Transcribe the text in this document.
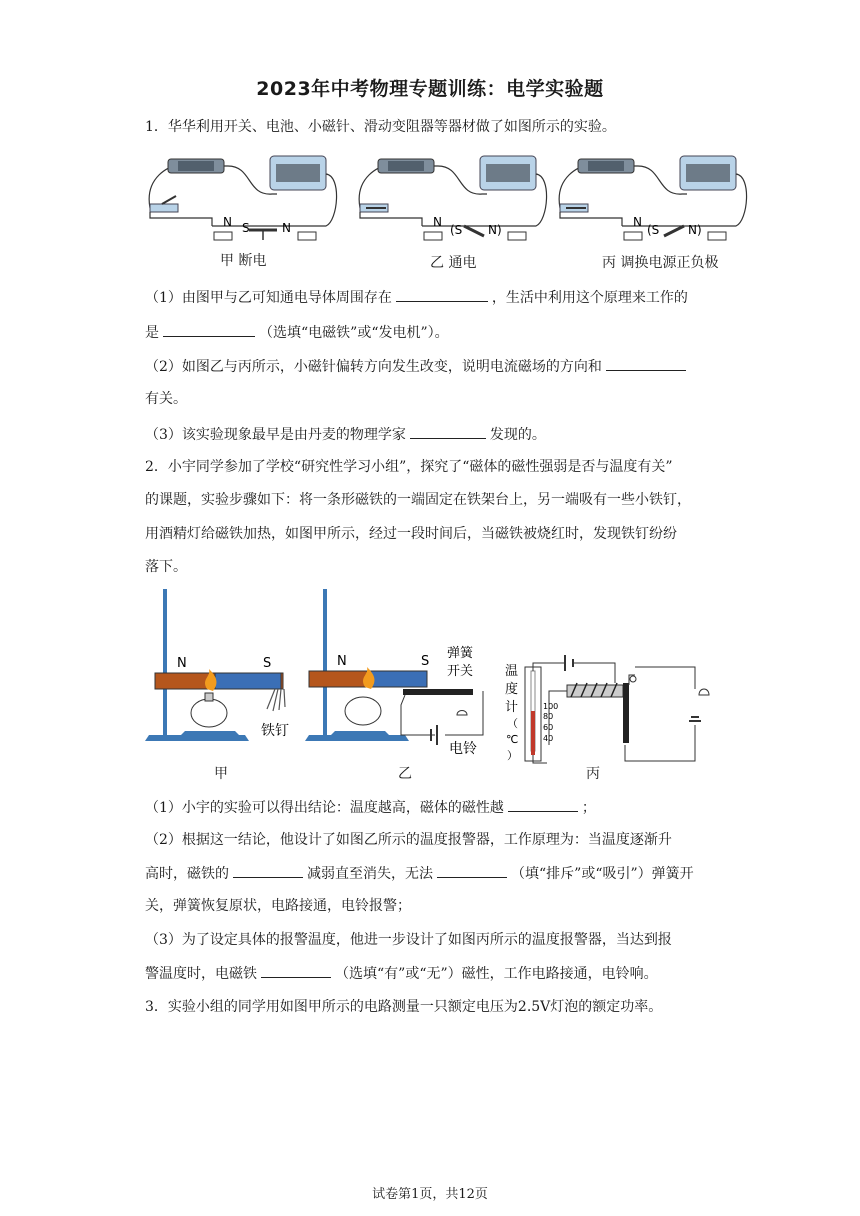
2023年中考物理专题训练：电学实验题
1．华华利用开关、电池、小磁针、滑动变阻器等器材做了如图所示的实验。
N S	N	N
(S N)
N
(S N)
甲 断电	乙 通电	丙 调换电源正负极
（1）由图甲与乙可知通电导体周围存在	，生活中利用这个原理来工作的
是	（选填“电磁铁”或“发电机”）。
（2）如图乙与丙所示，小磁针偏转方向发生改变，说明电流磁场的方向和
有关。
（3）该实验现象最早是由丹麦的物理学家	发现的。
2．小宇同学参加了学校“研究性学习小组”，探究了“磁体的磁性强弱是否与温度有关”
的课题，实验步骤如下：将一条形磁铁的一端固定在铁架台上，另一端吸有一些小铁钉，
用酒精灯给磁铁加热，如图甲所示，经过一段时间后，当磁铁被烧红时，发现铁钉纷纷
落下。
N	S
铁钉
N	S
弹簧
开关
电铃
温
度
计
（
℃
）
100
80
60
40
甲	乙	丙
（1）小宇的实验可以得出结论：温度越高，磁体的磁性越	；
（2）根据这一结论，他设计了如图乙所示的温度报警器，工作原理为：当温度逐渐升
高时，磁铁的	减弱直至消失，无法	（填“排斥”或“吸引”）弹簧开
关，弹簧恢复原状，电路接通，电铃报警；
（3）为了设定具体的报警温度，他进一步设计了如图丙所示的温度报警器，当达到报
警温度时，电磁铁	（选填“有”或“无”）磁性，工作电路接通，电铃响。
3．实验小组的同学用如图甲所示的电路测量一只额定电压为2.5V灯泡的额定功率。
试卷第1页，共12页
